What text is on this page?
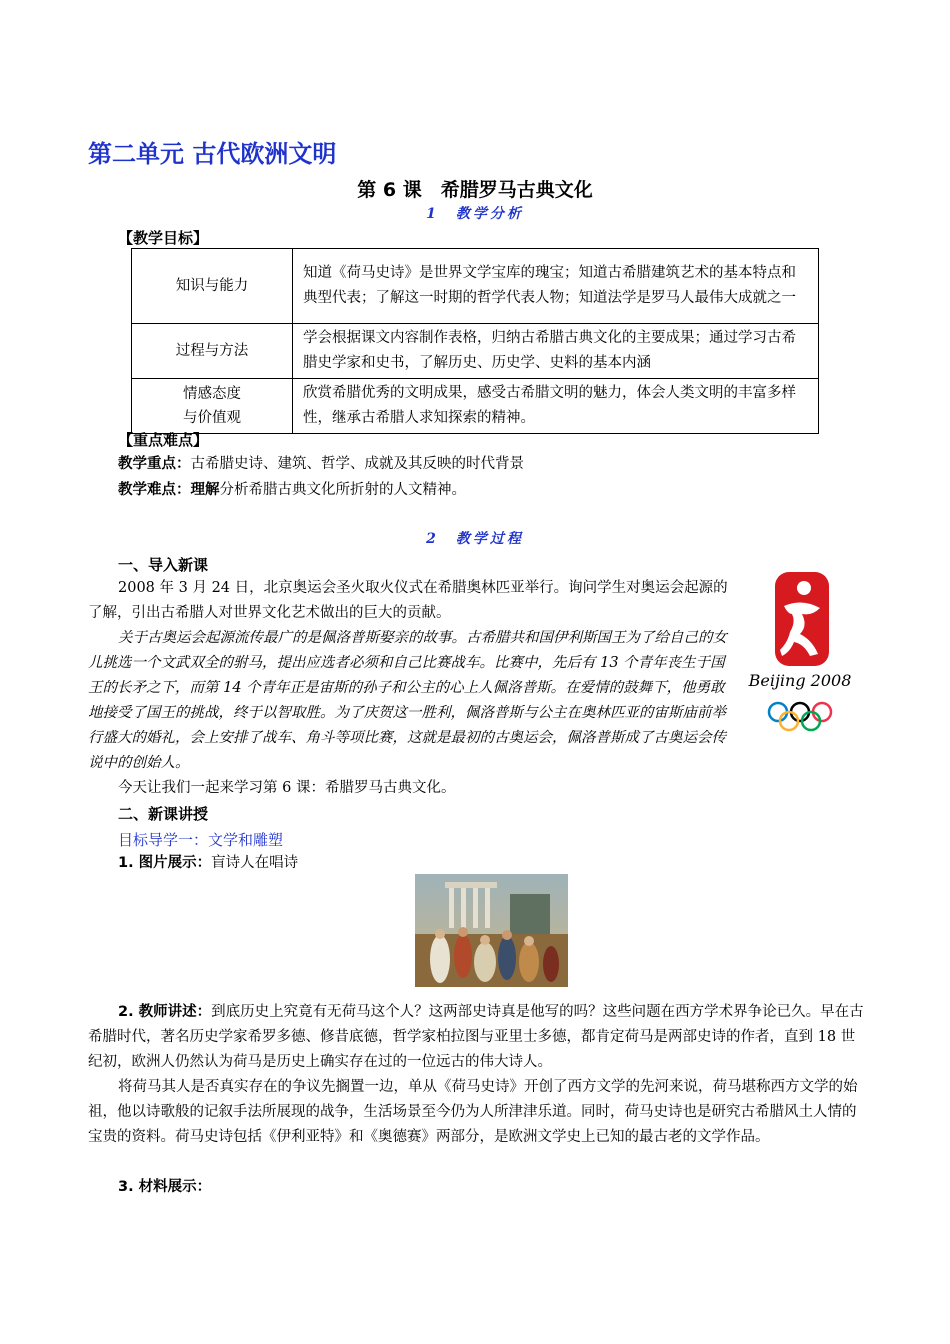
第二单元 古代欧洲文明
第 6 课　希腊罗马古典文化
1　教学分析
【教学目标】
知识与能力	知道《荷马史诗》是世界文学宝库的瑰宝；知道古希腊建筑艺术的基本特点和典型代表；了解这一时期的哲学代表人物；知道法学是罗马人最伟大成就之一
过程与方法	学会根据课文内容制作表格，归纳古希腊古典文化的主要成果；通过学习古希腊史学家和史书，了解历史、历史学、史料的基本内涵

情感态度
与价值观	欣赏希腊优秀的文明成果，感受古希腊文明的魅力，体会人类文明的丰富多样性，继承古希腊人求知探索的精神。
【重点难点】
教学重点：古希腊史诗、建筑、哲学、成就及其反映的时代背景
教学难点：理解分析希腊古典文化所折射的人文精神。
2　教学过程
一、导入新课
2008 年 3 月 24 日，北京奥运会圣火取火仪式在希腊奥林匹亚举行。询问学生对奥运会起源的了解，引出古希腊人对世界文化艺术做出的巨大的贡献。
关于古奥运会起源流传最广的是佩洛普斯娶亲的故事。古希腊共和国伊利斯国王为了给自己的女儿挑选一个文武双全的驸马，提出应选者必须和自己比赛战车。比赛中，先后有 13 个青年丧生于国王的长矛之下，而第 14 个青年正是宙斯的孙子和公主的心上人佩洛普斯。在爱情的鼓舞下，他勇敢地接受了国王的挑战，终于以智取胜。为了庆贺这一胜利，佩洛普斯与公主在奥林匹亚的宙斯庙前举行盛大的婚礼，会上安排了战车、角斗等项比赛，这就是最初的古奥运会，佩洛普斯成了古奥运会传说中的创始人。
今天让我们一起来学习第 6 课：希腊罗马古典文化。
Beijing 2008
二、新课讲授
目标导学一：文学和雕塑
1. 图片展示：盲诗人在唱诗
2. 教师讲述：到底历史上究竟有无荷马这个人？这两部史诗真是他写的吗？这些问题在西方学术界争论已久。早在古希腊时代，著名历史学家希罗多德、修昔底德，哲学家柏拉图与亚里士多德，都肯定荷马是两部史诗的作者，直到 18 世纪初，欧洲人仍然认为荷马是历史上确实存在过的一位远古的伟大诗人。
将荷马其人是否真实存在的争议先搁置一边，单从《荷马史诗》开创了西方文学的先河来说，荷马堪称西方文学的始祖，他以诗歌般的记叙手法所展现的战争，生活场景至今仍为人所津津乐道。同时，荷马史诗也是研究古希腊风土人情的宝贵的资料。荷马史诗包括《伊利亚特》和《奥德赛》两部分，是欧洲文学史上已知的最古老的文学作品。
3. 材料展示：
